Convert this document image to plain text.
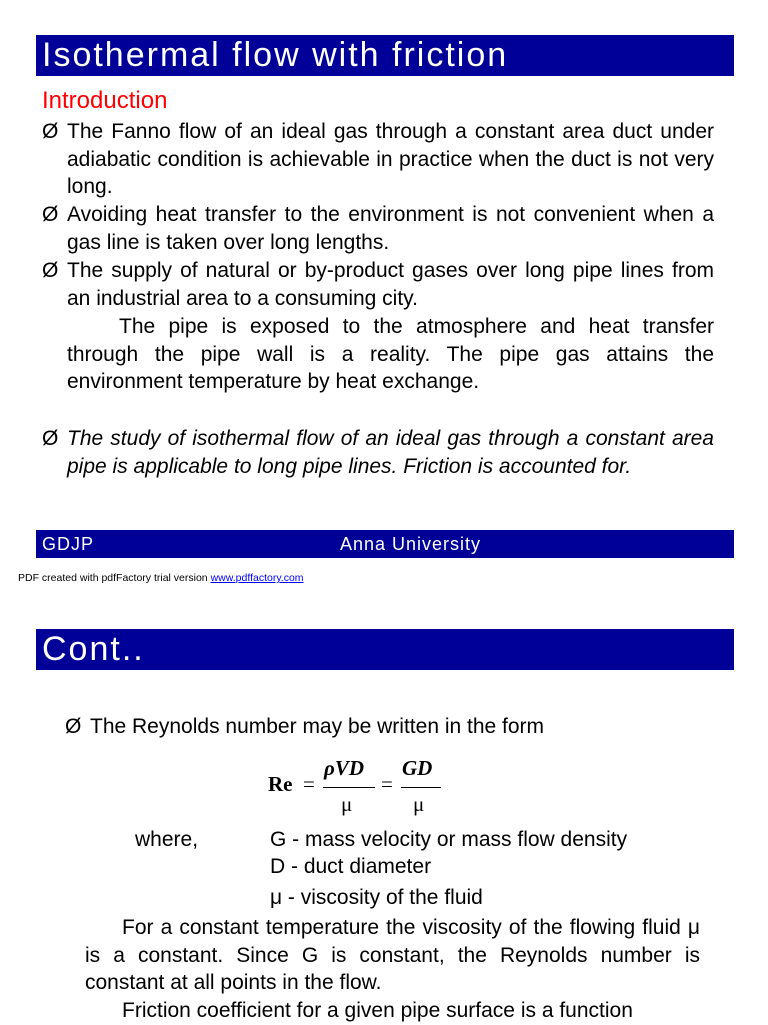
Isothermal flow with friction
Introduction
Ø The Fanno flow of an ideal gas through a constant area duct under adiabatic condition is achievable in practice when the duct is not very long.
Ø Avoiding heat transfer to the environment is not convenient when a gas line is taken over long lengths.
Ø The supply of natural or by-product gases over long pipe lines from an industrial area to a consuming city.
The pipe is exposed to the atmosphere and heat transfer through the pipe wall is a reality. The pipe gas attains the environment temperature by heat exchange.
Ø The study of isothermal flow of an ideal gas through a constant area pipe is applicable to long pipe lines. Friction is accounted for.
GDJP	Anna University
PDF created with pdfFactory trial version www.pdffactory.com
Cont..
Ø The Reynolds number may be written in the form
Re =
ρVD
μ
=
GD
μ
where,	G - mass velocity or mass flow density
D - duct diameter
μ - viscosity of the fluid
For a constant temperature the viscosity of the flowing fluid μ is a constant. Since G is constant, the Reynolds number is constant at all points in the flow.
Friction coefficient for a given pipe surface is a function
